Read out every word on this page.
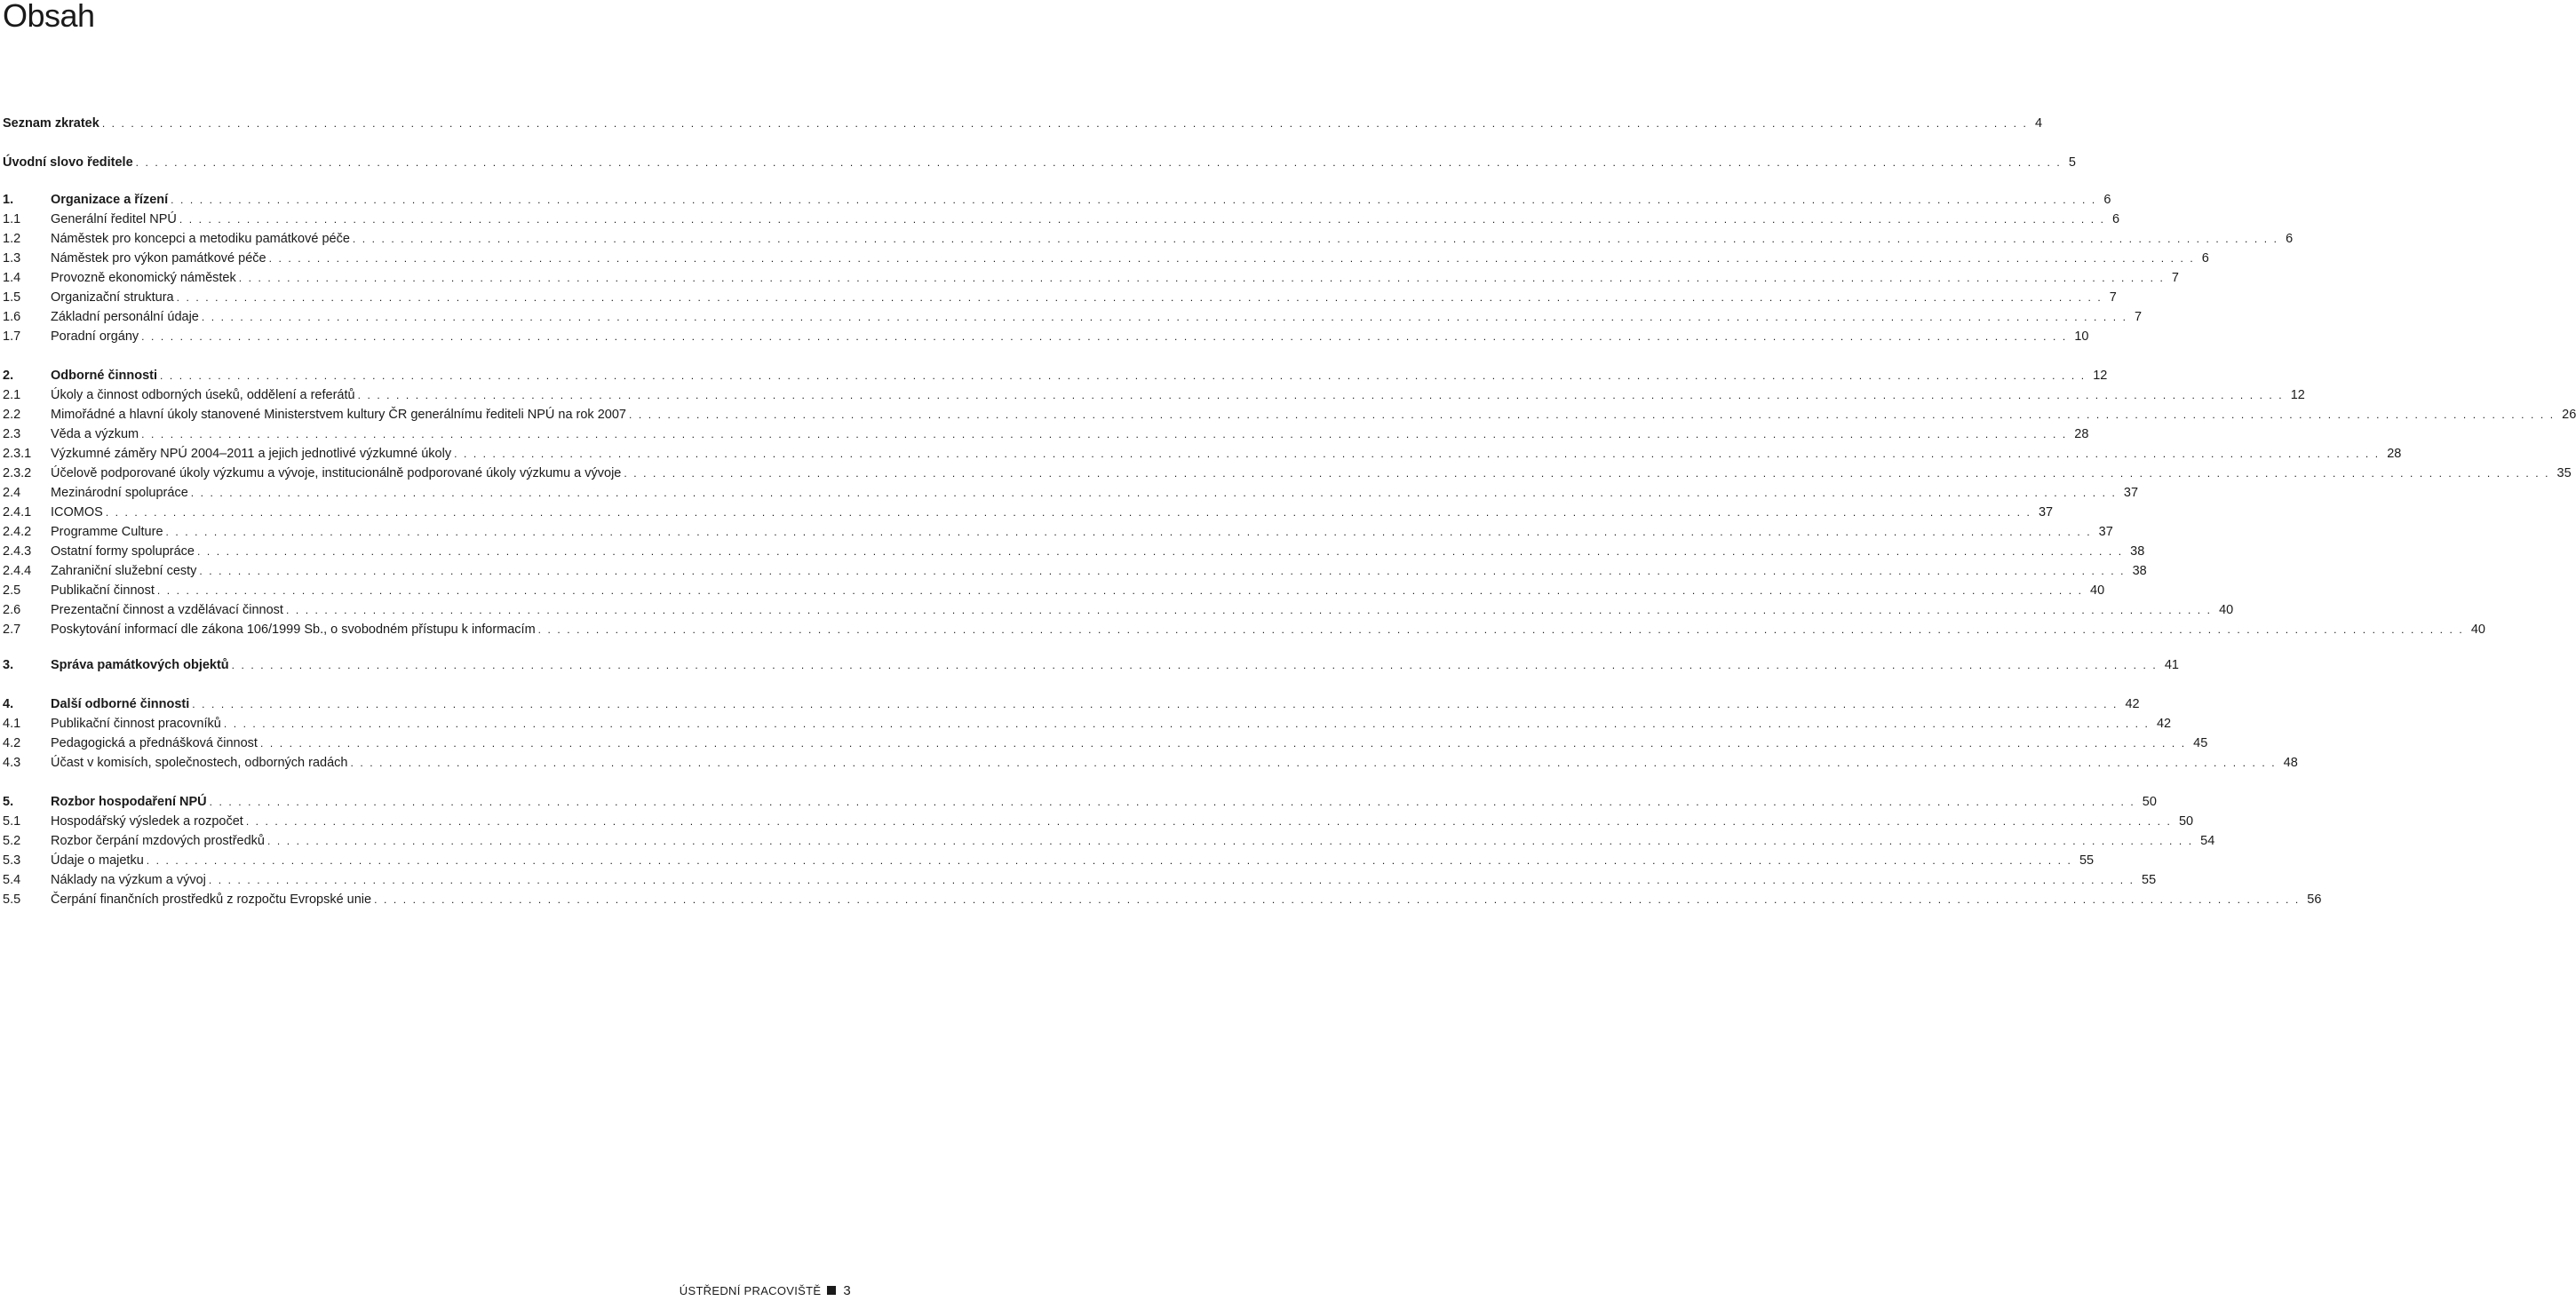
Obsah
Seznam zkratek . . . . . . . . . . . . . . . . . . . . . . . . . . . . . . . . . . . . . . . . . . . . . . . . . . . . . . . . . . . . . . . . . . . . . . . . . . . . . . . . . . . . . . . . . . . . . . . . . . . . . . . . . . . . . . . . . . . . . . . . . . . . . . . . . . . . . . . . . . . . . . . . . . . . . . . . . . . . . . . . . . . . . . . . . . . . . . . . . . . . . . . . . . . . . . . . . . . . . . . . 4
Úvodní slovo ředitele . . . . . . . . . . . . . . . . . . . . . . . . . . . . . . . . . . . . . . . . . . . . . . . . . . . . . . . . . . . . . . . . . . . . . . . . . . . . . . . . . . . . . . . . . . . . . . . . . . . . . . . . . . . . . . . . . . . . . . . . . . . . . . . . . . . . . . . . . . . . . . . . . . . . . . . . . . . . . . . . . . . . . . . . . . . . . . . . . . . . . . . . . . . . . . . . . . . . . . . . 5
1.	Organizace a řízení . . . . . . . . . . . . . . . . . . . . . . . . . . . . . . . . . . . . . . . . . . . . . . . . . . . . . . . . . . . . . . . . . . . . . . . . . . . . . . . . . . . . . . . . . . . . . . . . . . . . . . . . . . . . . . . . . . . . . . . . . . . . . . . . . . . . . . . . . . . . . . . . . . . . . . . . . . . . . . . . . . . . . . . . . . . . . . . . . . . . . . . . . . . . . . . . . . . . . . . . 6
1.1	Generální ředitel NPÚ . . . . . . . . . . . . . . . . . . . . . . . . . . . . . . . . . . . . . . . . . . . . . . . . . . . . . . . . . . . . . . . . . . . . . . . . . . . . . . . . . . . . . . . . . . . . . . . . . . . . . . . . . . . . . . . . . . . . . . . . . . . . . . . . . . . . . . . . . . . . . . . . . . . . . . . . . . . . . . . . . . . . . . . . . . . . . . . . . . . . . . . . . . . . . . . . . . . . . . . . 6
1.2	Náměstek pro koncepci a metodiku památkové péče . . . . . . . . . . . . . . . . . . . . . . . . . . . . . . . . . . . . . . . . . . . . . . . . . . . . . . . . . . . . . . . . . . . . . . . . . . . . . . . . . . . . . . . . . . . . . . . . . . . . . . . . . . . . . . . . . . . . . . . . . . . . . . . . . . . . . . . . . . . . . . . . . . . . . . . . . . . . . . . . . . . . . . . . . . . . . . . . . . . . . . . . . . . . . . . . . . . . . . . . 6
1.3	Náměstek pro výkon památkové péče . . . . . . . . . . . . . . . . . . . . . . . . . . . . . . . . . . . . . . . . . . . . . . . . . . . . . . . . . . . . . . . . . . . . . . . . . . . . . . . . . . . . . . . . . . . . . . . . . . . . . . . . . . . . . . . . . . . . . . . . . . . . . . . . . . . . . . . . . . . . . . . . . . . . . . . . . . . . . . . . . . . . . . . . . . . . . . . . . . . . . . . . . . . . . . . . . . . . . . . . 6
1.4	Provozně ekonomický náměstek . . . . . . . . . . . . . . . . . . . . . . . . . . . . . . . . . . . . . . . . . . . . . . . . . . . . . . . . . . . . . . . . . . . . . . . . . . . . . . . . . . . . . . . . . . . . . . . . . . . . . . . . . . . . . . . . . . . . . . . . . . . . . . . . . . . . . . . . . . . . . . . . . . . . . . . . . . . . . . . . . . . . . . . . . . . . . . . . . . . . . . . . . . . . . . . . . . . . . . . . 7
1.5	Organizační struktura . . . . . . . . . . . . . . . . . . . . . . . . . . . . . . . . . . . . . . . . . . . . . . . . . . . . . . . . . . . . . . . . . . . . . . . . . . . . . . . . . . . . . . . . . . . . . . . . . . . . . . . . . . . . . . . . . . . . . . . . . . . . . . . . . . . . . . . . . . . . . . . . . . . . . . . . . . . . . . . . . . . . . . . . . . . . . . . . . . . . . . . . . . . . . . . . . . . . . . . . 7
1.6	Základní personální údaje . . . . . . . . . . . . . . . . . . . . . . . . . . . . . . . . . . . . . . . . . . . . . . . . . . . . . . . . . . . . . . . . . . . . . . . . . . . . . . . . . . . . . . . . . . . . . . . . . . . . . . . . . . . . . . . . . . . . . . . . . . . . . . . . . . . . . . . . . . . . . . . . . . . . . . . . . . . . . . . . . . . . . . . . . . . . . . . . . . . . . . . . . . . . . . . . . . . . . . . . 7
1.7	Poradní orgány . . . . . . . . . . . . . . . . . . . . . . . . . . . . . . . . . . . . . . . . . . . . . . . . . . . . . . . . . . . . . . . . . . . . . . . . . . . . . . . . . . . . . . . . . . . . . . . . . . . . . . . . . . . . . . . . . . . . . . . . . . . . . . . . . . . . . . . . . . . . . . . . . . . . . . . . . . . . . . . . . . . . . . . . . . . . . . . . . . . . . . . . . . . . . . . . . . . . . . . . 10
2.	Odborné činnosti . . . . . . . . . . . . . . . . . . . . . . . . . . . . . . . . . . . . . . . . . . . . . . . . . . . . . . . . . . . . . . . . . . . . . . . . . . . . . . . . . . . . . . . . . . . . . . . . . . . . . . . . . . . . . . . . . . . . . . . . . . . . . . . . . . . . . . . . . . . . . . . . . . . . . . . . . . . . . . . . . . . . . . . . . . . . . . . . . . . . . . . . . . . . . . . . . . . . . . . . 12
2.1	Úkoly a činnost odborných úseků, oddělení a referátů . . . . . . . . . . . . . . . . . . . . . . . . . . . . . . . . . . . . . . . . . . . . . . . . . . . . . . . . . . . . . . . . . . . . . . . . . . . . . . . . . . . . . . . . . . . . . . . . . . . . . . . . . . . . . . . . . . . . . . . . . . . . . . . . . . . . . . . . . . . . . . . . . . . . . . . . . . . . . . . . . . . . . . . . . . . . . . . . . . . . . . . . . . . . . . . . . . . . . . . . 12
2.2	Mimořádné a hlavní úkoly stanovené Ministerstvem kultury ČR generálnímu řediteli NPÚ na rok 2007 . . . . . . . . . . . . . . . . . . . . . . . . . . . . . . . . . . . . . . . . . . . . . . . . . . . . . . . . . . . . . . . . . . . . . . . . . . . . . . . . . . . . . . . . . . . . . . . . . . . . . . . . . . . . . . . . . . . . . . . . . . . . . . . . . . . . . . . . . . . . . . . . . . . . . . . . . . . . . . . . . . . . . . . . . . . . . . . . . . . . . . . . . . . . . . . . . . . . . . . . 26
2.3	Věda a výzkum . . . . . . . . . . . . . . . . . . . . . . . . . . . . . . . . . . . . . . . . . . . . . . . . . . . . . . . . . . . . . . . . . . . . . . . . . . . . . . . . . . . . . . . . . . . . . . . . . . . . . . . . . . . . . . . . . . . . . . . . . . . . . . . . . . . . . . . . . . . . . . . . . . . . . . . . . . . . . . . . . . . . . . . . . . . . . . . . . . . . . . . . . . . . . . . . . . . . . . . . 28
2.3.1	Výzkumné záměry NPÚ 2004–2011 a jejich jednotlivé výzkumné úkoly . . . . . . . . . . . . . . . . . . . . . . . . . . . . . . . . . . . . . . . . . . . . . . . . . . . . . . . . . . . . . . . . . . . . . . . . . . . . . . . . . . . . . . . . . . . . . . . . . . . . . . . . . . . . . . . . . . . . . . . . . . . . . . . . . . . . . . . . . . . . . . . . . . . . . . . . . . . . . . . . . . . . . . . . . . . . . . . . . . . . . . . . . . . . . . . . . . . . . . . . 28
2.3.2	Účelově podporované úkoly výzkumu a vývoje, institucionálně podporované úkoly výzkumu a vývoje . . . . . . . . . . . . . . . . . . . . . . . . . . . . . . . . . . . . . . . . . . . . . . . . . . . . . . . . . . . . . . . . . . . . . . . . . . . . . . . . . . . . . . . . . . . . . . . . . . . . . . . . . . . . . . . . . . . . . . . . . . . . . . . . . . . . . . . . . . . . . . . . . . . . . . . . . . . . . . . . . . . . . . . . . . . . . . . . . . . . . . . . . . . . . . . . . . . . . . . . 35
2.4	Mezinárodní spolupráce . . . . . . . . . . . . . . . . . . . . . . . . . . . . . . . . . . . . . . . . . . . . . . . . . . . . . . . . . . . . . . . . . . . . . . . . . . . . . . . . . . . . . . . . . . . . . . . . . . . . . . . . . . . . . . . . . . . . . . . . . . . . . . . . . . . . . . . . . . . . . . . . . . . . . . . . . . . . . . . . . . . . . . . . . . . . . . . . . . . . . . . . . . . . . . . . . . . . . . . . 37
2.4.1	ICOMOS . . . . . . . . . . . . . . . . . . . . . . . . . . . . . . . . . . . . . . . . . . . . . . . . . . . . . . . . . . . . . . . . . . . . . . . . . . . . . . . . . . . . . . . . . . . . . . . . . . . . . . . . . . . . . . . . . . . . . . . . . . . . . . . . . . . . . . . . . . . . . . . . . . . . . . . . . . . . . . . . . . . . . . . . . . . . . . . . . . . . . . . . . . . . . . . . . . . . . . . . 37
2.4.2	Programme Culture . . . . . . . . . . . . . . . . . . . . . . . . . . . . . . . . . . . . . . . . . . . . . . . . . . . . . . . . . . . . . . . . . . . . . . . . . . . . . . . . . . . . . . . . . . . . . . . . . . . . . . . . . . . . . . . . . . . . . . . . . . . . . . . . . . . . . . . . . . . . . . . . . . . . . . . . . . . . . . . . . . . . . . . . . . . . . . . . . . . . . . . . . . . . . . . . . . . . . . . . 37
2.4.3	Ostatní formy spolupráce . . . . . . . . . . . . . . . . . . . . . . . . . . . . . . . . . . . . . . . . . . . . . . . . . . . . . . . . . . . . . . . . . . . . . . . . . . . . . . . . . . . . . . . . . . . . . . . . . . . . . . . . . . . . . . . . . . . . . . . . . . . . . . . . . . . . . . . . . . . . . . . . . . . . . . . . . . . . . . . . . . . . . . . . . . . . . . . . . . . . . . . . . . . . . . . . . . . . . . . . 38
2.4.4	Zahraniční služební cesty . . . . . . . . . . . . . . . . . . . . . . . . . . . . . . . . . . . . . . . . . . . . . . . . . . . . . . . . . . . . . . . . . . . . . . . . . . . . . . . . . . . . . . . . . . . . . . . . . . . . . . . . . . . . . . . . . . . . . . . . . . . . . . . . . . . . . . . . . . . . . . . . . . . . . . . . . . . . . . . . . . . . . . . . . . . . . . . . . . . . . . . . . . . . . . . . . . . . . . . . 38
2.5	Publikační činnost . . . . . . . . . . . . . . . . . . . . . . . . . . . . . . . . . . . . . . . . . . . . . . . . . . . . . . . . . . . . . . . . . . . . . . . . . . . . . . . . . . . . . . . . . . . . . . . . . . . . . . . . . . . . . . . . . . . . . . . . . . . . . . . . . . . . . . . . . . . . . . . . . . . . . . . . . . . . . . . . . . . . . . . . . . . . . . . . . . . . . . . . . . . . . . . . . . . . . . . . 40
2.6	Prezentační činnost a vzdělávací činnost . . . . . . . . . . . . . . . . . . . . . . . . . . . . . . . . . . . . . . . . . . . . . . . . . . . . . . . . . . . . . . . . . . . . . . . . . . . . . . . . . . . . . . . . . . . . . . . . . . . . . . . . . . . . . . . . . . . . . . . . . . . . . . . . . . . . . . . . . . . . . . . . . . . . . . . . . . . . . . . . . . . . . . . . . . . . . . . . . . . . . . . . . . . . . . . . . . . . . . . . 40
2.7	Poskytování informací dle zákona 106/1999 Sb., o svobodném přístupu k informacím . . . . . . . . . . . . . . . . . . . . . . . . . . . . . . . . . . . . . . . . . . . . . . . . . . . . . . . . . . . . . . . . . . . . . . . . . . . . . . . . . . . . . . . . . . . . . . . . . . . . . . . . . . . . . . . . . . . . . . . . . . . . . . . . . . . . . . . . . . . . . . . . . . . . . . . . . . . . . . . . . . . . . . . . . . . . . . . . . . . . . . . . . . . . . . . . . . . . . . . . 40
3.	Správa památkových objektů . . . . . . . . . . . . . . . . . . . . . . . . . . . . . . . . . . . . . . . . . . . . . . . . . . . . . . . . . . . . . . . . . . . . . . . . . . . . . . . . . . . . . . . . . . . . . . . . . . . . . . . . . . . . . . . . . . . . . . . . . . . . . . . . . . . . . . . . . . . . . . . . . . . . . . . . . . . . . . . . . . . . . . . . . . . . . . . . . . . . . . . . . . . . . . . . . . . . . . . . 41
4.	Další odborné činnosti . . . . . . . . . . . . . . . . . . . . . . . . . . . . . . . . . . . . . . . . . . . . . . . . . . . . . . . . . . . . . . . . . . . . . . . . . . . . . . . . . . . . . . . . . . . . . . . . . . . . . . . . . . . . . . . . . . . . . . . . . . . . . . . . . . . . . . . . . . . . . . . . . . . . . . . . . . . . . . . . . . . . . . . . . . . . . . . . . . . . . . . . . . . . . . . . . . . . . . . . 42
4.1	Publikační činnost pracovníků . . . . . . . . . . . . . . . . . . . . . . . . . . . . . . . . . . . . . . . . . . . . . . . . . . . . . . . . . . . . . . . . . . . . . . . . . . . . . . . . . . . . . . . . . . . . . . . . . . . . . . . . . . . . . . . . . . . . . . . . . . . . . . . . . . . . . . . . . . . . . . . . . . . . . . . . . . . . . . . . . . . . . . . . . . . . . . . . . . . . . . . . . . . . . . . . . . . . . . . . 42
4.2	Pedagogická a přednášková činnost . . . . . . . . . . . . . . . . . . . . . . . . . . . . . . . . . . . . . . . . . . . . . . . . . . . . . . . . . . . . . . . . . . . . . . . . . . . . . . . . . . . . . . . . . . . . . . . . . . . . . . . . . . . . . . . . . . . . . . . . . . . . . . . . . . . . . . . . . . . . . . . . . . . . . . . . . . . . . . . . . . . . . . . . . . . . . . . . . . . . . . . . . . . . . . . . . . . . . . . . 45
4.3	Účast v komisích, společnostech, odborných radách . . . . . . . . . . . . . . . . . . . . . . . . . . . . . . . . . . . . . . . . . . . . . . . . . . . . . . . . . . . . . . . . . . . . . . . . . . . . . . . . . . . . . . . . . . . . . . . . . . . . . . . . . . . . . . . . . . . . . . . . . . . . . . . . . . . . . . . . . . . . . . . . . . . . . . . . . . . . . . . . . . . . . . . . . . . . . . . . . . . . . . . . . . . . . . . . . . . . . . . . 48
5.	Rozbor hospodaření NPÚ . . . . . . . . . . . . . . . . . . . . . . . . . . . . . . . . . . . . . . . . . . . . . . . . . . . . . . . . . . . . . . . . . . . . . . . . . . . . . . . . . . . . . . . . . . . . . . . . . . . . . . . . . . . . . . . . . . . . . . . . . . . . . . . . . . . . . . . . . . . . . . . . . . . . . . . . . . . . . . . . . . . . . . . . . . . . . . . . . . . . . . . . . . . . . . . . . . . . . . . . 50
5.1	Hospodářský výsledek a rozpočet . . . . . . . . . . . . . . . . . . . . . . . . . . . . . . . . . . . . . . . . . . . . . . . . . . . . . . . . . . . . . . . . . . . . . . . . . . . . . . . . . . . . . . . . . . . . . . . . . . . . . . . . . . . . . . . . . . . . . . . . . . . . . . . . . . . . . . . . . . . . . . . . . . . . . . . . . . . . . . . . . . . . . . . . . . . . . . . . . . . . . . . . . . . . . . . . . . . . . . . . 50
5.2	Rozbor čerpání mzdových prostředků . . . . . . . . . . . . . . . . . . . . . . . . . . . . . . . . . . . . . . . . . . . . . . . . . . . . . . . . . . . . . . . . . . . . . . . . . . . . . . . . . . . . . . . . . . . . . . . . . . . . . . . . . . . . . . . . . . . . . . . . . . . . . . . . . . . . . . . . . . . . . . . . . . . . . . . . . . . . . . . . . . . . . . . . . . . . . . . . . . . . . . . . . . . . . . . . . . . . . . . . 54
5.3	Údaje o majetku . . . . . . . . . . . . . . . . . . . . . . . . . . . . . . . . . . . . . . . . . . . . . . . . . . . . . . . . . . . . . . . . . . . . . . . . . . . . . . . . . . . . . . . . . . . . . . . . . . . . . . . . . . . . . . . . . . . . . . . . . . . . . . . . . . . . . . . . . . . . . . . . . . . . . . . . . . . . . . . . . . . . . . . . . . . . . . . . . . . . . . . . . . . . . . . . . . . . . . . . 55
5.4	Náklady na výzkum a vývoj . . . . . . . . . . . . . . . . . . . . . . . . . . . . . . . . . . . . . . . . . . . . . . . . . . . . . . . . . . . . . . . . . . . . . . . . . . . . . . . . . . . . . . . . . . . . . . . . . . . . . . . . . . . . . . . . . . . . . . . . . . . . . . . . . . . . . . . . . . . . . . . . . . . . . . . . . . . . . . . . . . . . . . . . . . . . . . . . . . . . . . . . . . . . . . . . . . . . . . . . 55
5.5	Čerpání finančních prostředků z rozpočtu Evropské unie . . . . . . . . . . . . . . . . . . . . . . . . . . . . . . . . . . . . . . . . . . . . . . . . . . . . . . . . . . . . . . . . . . . . . . . . . . . . . . . . . . . . . . . . . . . . . . . . . . . . . . . . . . . . . . . . . . . . . . . . . . . . . . . . . . . . . . . . . . . . . . . . . . . . . . . . . . . . . . . . . . . . . . . . . . . . . . . . . . . . . . . . . . . . . . . . . . . . . . . . 56
ÚSTŘEDNÍ PRACOVIŠTĚ 3
